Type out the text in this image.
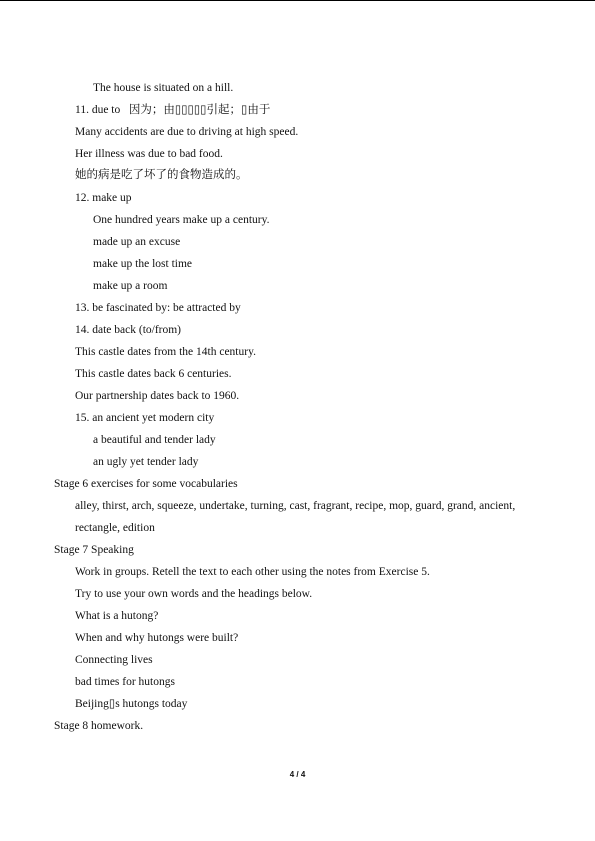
The house is situated on a hill.
11. due to   因为；由▯▯▯▯▯引起；▯由于
Many accidents are due to driving at high speed.
Her illness was due to bad food.
她的病是吃了坏了的食物造成的。
12. make up
One hundred years make up a century.
made up an excuse
make up the lost time
make up a room
13. be fascinated by: be attracted by
14. date back (to/from)
This castle dates from the 14th century.
This castle dates back 6 centuries.
Our partnership dates back to 1960.
15. an ancient yet modern city
a beautiful and tender lady
an ugly yet tender lady
Stage 6 exercises for some vocabularies
alley, thirst, arch, squeeze, undertake, turning, cast, fragrant, recipe, mop, guard, grand, ancient,
rectangle, edition
Stage 7 Speaking
Work in groups. Retell the text to each other using the notes from Exercise 5.
Try to use your own words and the headings below.
What is a hutong?
When and why hutongs were built?
Connecting lives
bad times for hutongs
Beijing▯s hutongs today
Stage 8 homework.
4 / 4
